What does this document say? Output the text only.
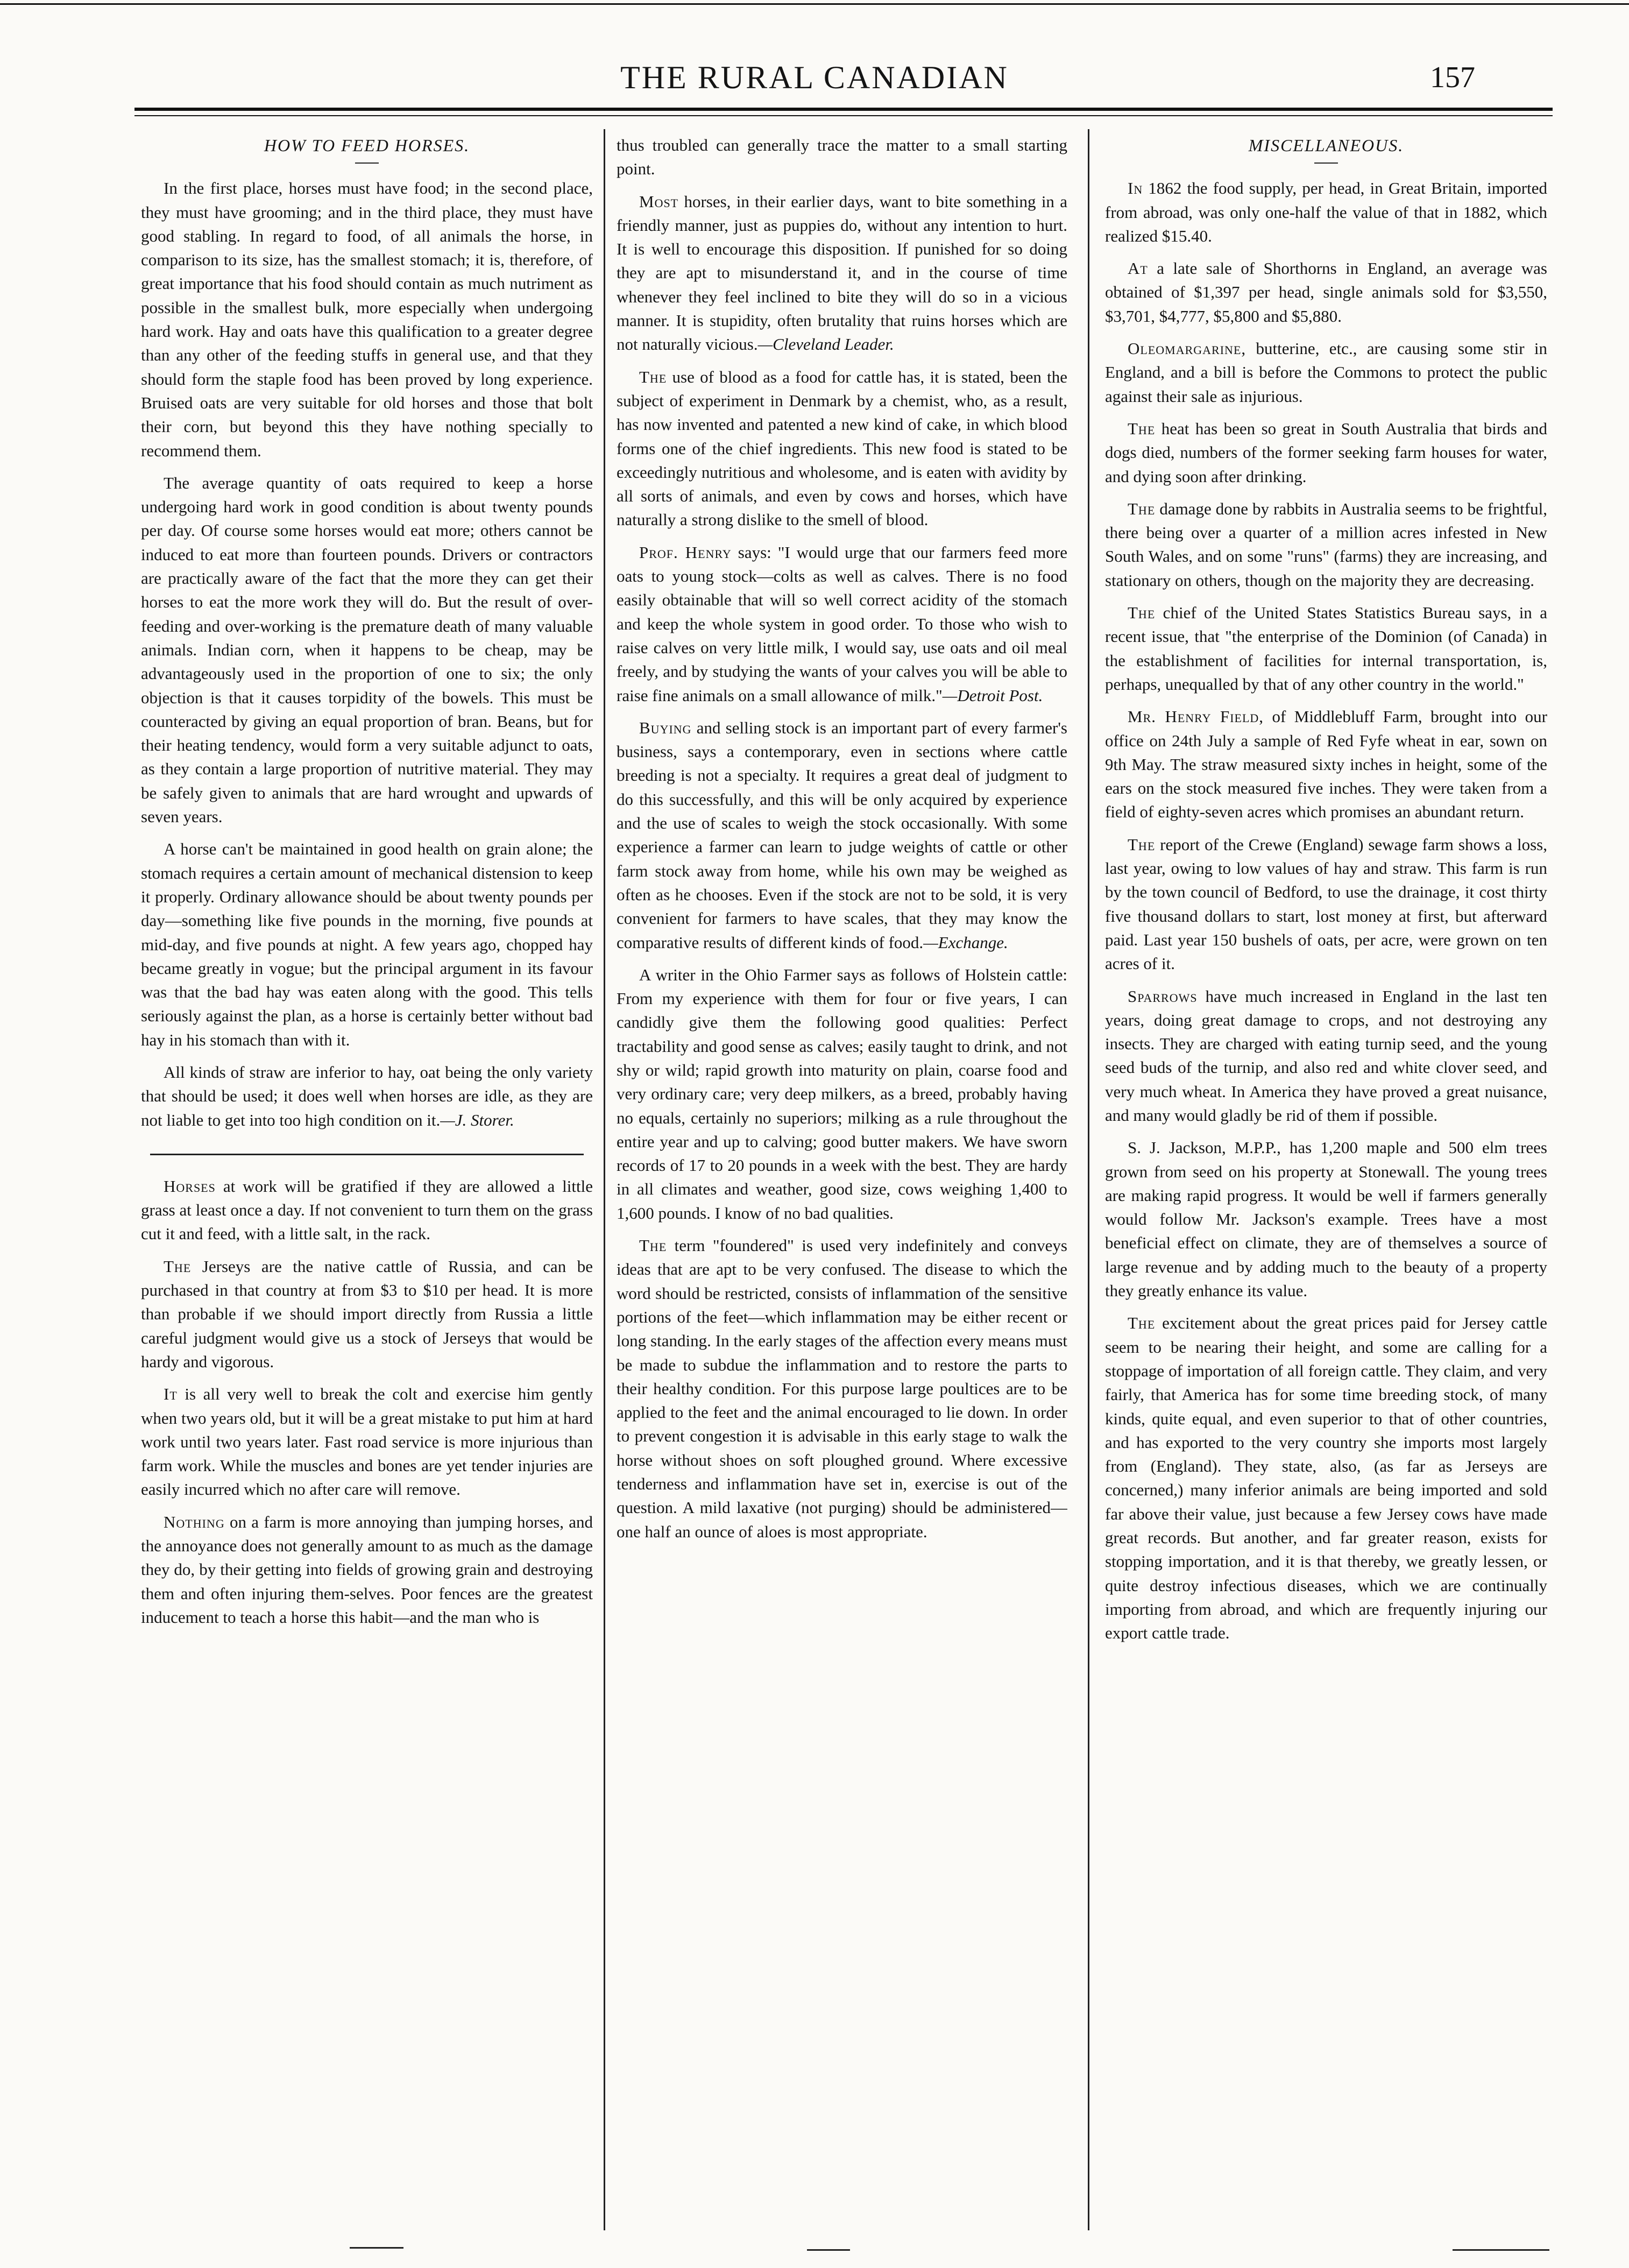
THE RURAL CANADIAN	157
HOW TO FEED HORSES.

In the first place, horses must have food; in the second place, they must have grooming; and in the third place, they must have good stabling. In regard to food, of all animals the horse, in comparison to its size, has the smallest stomach; it is, therefore, of great importance that his food should contain as much nutriment as possible in the smallest bulk, more especially when undergoing hard work. Hay and oats have this qualification to a greater degree than any other of the feeding stuffs in general use, and that they should form the staple food has been proved by long experience. Bruised oats are very suitable for old horses and those that bolt their corn, but beyond this they have nothing specially to recommend them.

The average quantity of oats required to keep a horse undergoing hard work in good condition is about twenty pounds per day. Of course some horses would eat more; others cannot be induced to eat more than fourteen pounds. Drivers or contractors are practically aware of the fact that the more they can get their horses to eat the more work they will do. But the result of over-feeding and over-working is the premature death of many valuable animals. Indian corn, when it happens to be cheap, may be advantageously used in the proportion of one to six; the only objection is that it causes torpidity of the bowels. This must be counteracted by giving an equal proportion of bran. Beans, but for their heating tendency, would form a very suitable adjunct to oats, as they contain a large proportion of nutritive material. They may be safely given to animals that are hard wrought and upwards of seven years.

A horse can't be maintained in good health on grain alone; the stomach requires a certain amount of mechanical distension to keep it properly. Ordinary allowance should be about twenty pounds per day—something like five pounds in the morning, five pounds at mid-day, and five pounds at night. A few years ago, chopped hay became greatly in vogue; but the principal argument in its favour was that the bad hay was eaten along with the good. This tells seriously against the plan, as a horse is certainly better without bad hay in his stomach than with it.

All kinds of straw are inferior to hay, oat being the only variety that should be used; it does well when horses are idle, as they are not liable to get into too high condition on it.—J. Storer.

Horses at work will be gratified if they are allowed a little grass at least once a day. If not convenient to turn them on the grass cut it and feed, with a little salt, in the rack.

The Jerseys are the native cattle of Russia, and can be purchased in that country at from $3 to $10 per head. It is more than probable if we should import directly from Russia a little careful judgment would give us a stock of Jerseys that would be hardy and vigorous.

It is all very well to break the colt and exercise him gently when two years old, but it will be a great mistake to put him at hard work until two years later. Fast road service is more injurious than farm work. While the muscles and bones are yet tender injuries are easily incurred which no after care will remove.

Nothing on a farm is more annoying than jumping horses, and the annoyance does not generally amount to as much as the damage they do, by their getting into fields of growing grain and destroying them and often injuring them-selves. Poor fences are the greatest inducement to teach a horse this habit—and the man who is

thus troubled can generally trace the matter to a small starting point.

Most horses, in their earlier days, want to bite something in a friendly manner, just as puppies do, without any intention to hurt. It is well to encourage this disposition. If punished for so doing they are apt to misunderstand it, and in the course of time whenever they feel inclined to bite they will do so in a vicious manner. It is stupidity, often brutality that ruins horses which are not naturally vicious.—Cleveland Leader.

The use of blood as a food for cattle has, it is stated, been the subject of experiment in Denmark by a chemist, who, as a result, has now invented and patented a new kind of cake, in which blood forms one of the chief ingredients. This new food is stated to be exceedingly nutritious and wholesome, and is eaten with avidity by all sorts of animals, and even by cows and horses, which have naturally a strong dislike to the smell of blood.

Prof. Henry says: "I would urge that our farmers feed more oats to young stock—colts as well as calves. There is no food easily obtainable that will so well correct acidity of the stomach and keep the whole system in good order. To those who wish to raise calves on very little milk, I would say, use oats and oil meal freely, and by studying the wants of your calves you will be able to raise fine animals on a small allowance of milk."—Detroit Post.

Buying and selling stock is an important part of every farmer's business, says a contemporary, even in sections where cattle breeding is not a specialty. It requires a great deal of judgment to do this successfully, and this will be only acquired by experience and the use of scales to weigh the stock occasionally. With some experience a farmer can learn to judge weights of cattle or other farm stock away from home, while his own may be weighed as often as he chooses. Even if the stock are not to be sold, it is very convenient for farmers to have scales, that they may know the comparative results of different kinds of food.—Exchange.

A writer in the Ohio Farmer says as follows of Holstein cattle: From my experience with them for four or five years, I can candidly give them the following good qualities: Perfect tractability and good sense as calves; easily taught to drink, and not shy or wild; rapid growth into maturity on plain, coarse food and very ordinary care; very deep milkers, as a breed, probably having no equals, certainly no superiors; milking as a rule throughout the entire year and up to calving; good butter makers. We have sworn records of 17 to 20 pounds in a week with the best. They are hardy in all climates and weather, good size, cows weighing 1,400 to 1,600 pounds. I know of no bad qualities.

The term "foundered" is used very indefinitely and conveys ideas that are apt to be very confused. The disease to which the word should be restricted, consists of inflammation of the sensitive portions of the feet—which inflammation may be either recent or long standing. In the early stages of the affection every means must be made to subdue the inflammation and to restore the parts to their healthy condition. For this purpose large poultices are to be applied to the feet and the animal encouraged to lie down. In order to prevent congestion it is advisable in this early stage to walk the horse without shoes on soft ploughed ground. Where excessive tenderness and inflammation have set in, exercise is out of the question. A mild laxative (not purging) should be administered—one half an ounce of aloes is most appropriate.

MISCELLANEOUS.

In 1862 the food supply, per head, in Great Britain, imported from abroad, was only one-half the value of that in 1882, which realized $15.40.

At a late sale of Shorthorns in England, an average was obtained of $1,397 per head, single animals sold for $3,550, $3,701, $4,777, $5,800 and $5,880.

Oleomargarine, butterine, etc., are causing some stir in England, and a bill is before the Commons to protect the public against their sale as injurious.

The heat has been so great in South Australia that birds and dogs died, numbers of the former seeking farm houses for water, and dying soon after drinking.

The damage done by rabbits in Australia seems to be frightful, there being over a quarter of a million acres infested in New South Wales, and on some "runs" (farms) they are increasing, and stationary on others, though on the majority they are decreasing.

The chief of the United States Statistics Bureau says, in a recent issue, that "the enterprise of the Dominion (of Canada) in the establishment of facilities for internal transportation, is, perhaps, unequalled by that of any other country in the world."

Mr. Henry Field, of Middlebluff Farm, brought into our office on 24th July a sample of Red Fyfe wheat in ear, sown on 9th May. The straw measured sixty inches in height, some of the ears on the stock measured five inches. They were taken from a field of eighty-seven acres which promises an abundant return.

The report of the Crewe (England) sewage farm shows a loss, last year, owing to low values of hay and straw. This farm is run by the town council of Bedford, to use the drainage, it cost thirty five thousand dollars to start, lost money at first, but afterward paid. Last year 150 bushels of oats, per acre, were grown on ten acres of it.

Sparrows have much increased in England in the last ten years, doing great damage to crops, and not destroying any insects. They are charged with eating turnip seed, and the young seed buds of the turnip, and also red and white clover seed, and very much wheat. In America they have proved a great nuisance, and many would gladly be rid of them if possible.

S. J. Jackson, M.P.P., has 1,200 maple and 500 elm trees grown from seed on his property at Stonewall. The young trees are making rapid progress. It would be well if farmers generally would follow Mr. Jackson's example. Trees have a most beneficial effect on climate, they are of themselves a source of large revenue and by adding much to the beauty of a property they greatly enhance its value.

The excitement about the great prices paid for Jersey cattle seem to be nearing their height, and some are calling for a stoppage of importation of all foreign cattle. They claim, and very fairly, that America has for some time breeding stock, of many kinds, quite equal, and even superior to that of other countries, and has exported to the very country she imports most largely from (England). They state, also, (as far as Jerseys are concerned,) many inferior animals are being imported and sold far above their value, just because a few Jersey cows have made great records. But another, and far greater reason, exists for stopping importation, and it is that thereby, we greatly lessen, or quite destroy infectious diseases, which we are continually importing from abroad, and which are frequently injuring our export cattle trade.
